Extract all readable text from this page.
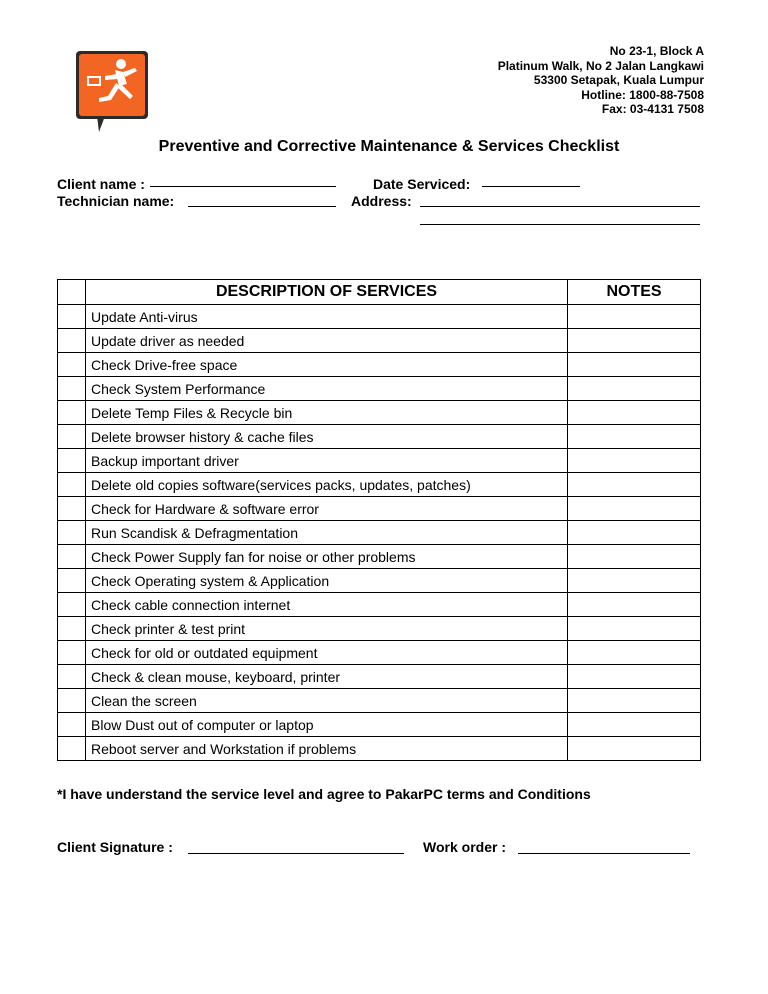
No 23-1, Block A
Platinum Walk, No 2 Jalan Langkawi
53300 Setapak, Kuala Lumpur
Hotline: 1800-88-7508
Fax: 03-4131 7508
Preventive and Corrective Maintenance & Services Checklist
Client name :	Date Serviced:
Technician name:	Address:
	DESCRIPTION OF SERVICES	NOTES
	Update Anti-virus	
	Update driver as needed	
	Check Drive-free space	
	Check System Performance	
	Delete Temp Files & Recycle bin	
	Delete browser history & cache files	
	Backup important driver	
	Delete old copies software(services packs, updates, patches)	
	Check for Hardware & software error	
	Run Scandisk & Defragmentation	
	Check Power Supply fan for noise or other problems	
	Check Operating system & Application	
	Check cable connection internet	
	Check printer & test print	
	Check for old or outdated equipment	
	Check & clean mouse, keyboard, printer	
	Clean the screen	
	Blow Dust out of computer or laptop	
	Reboot server and Workstation if problems	
*I have understand the service level and agree to PakarPC terms and Conditions
Client Signature :	Work order :
